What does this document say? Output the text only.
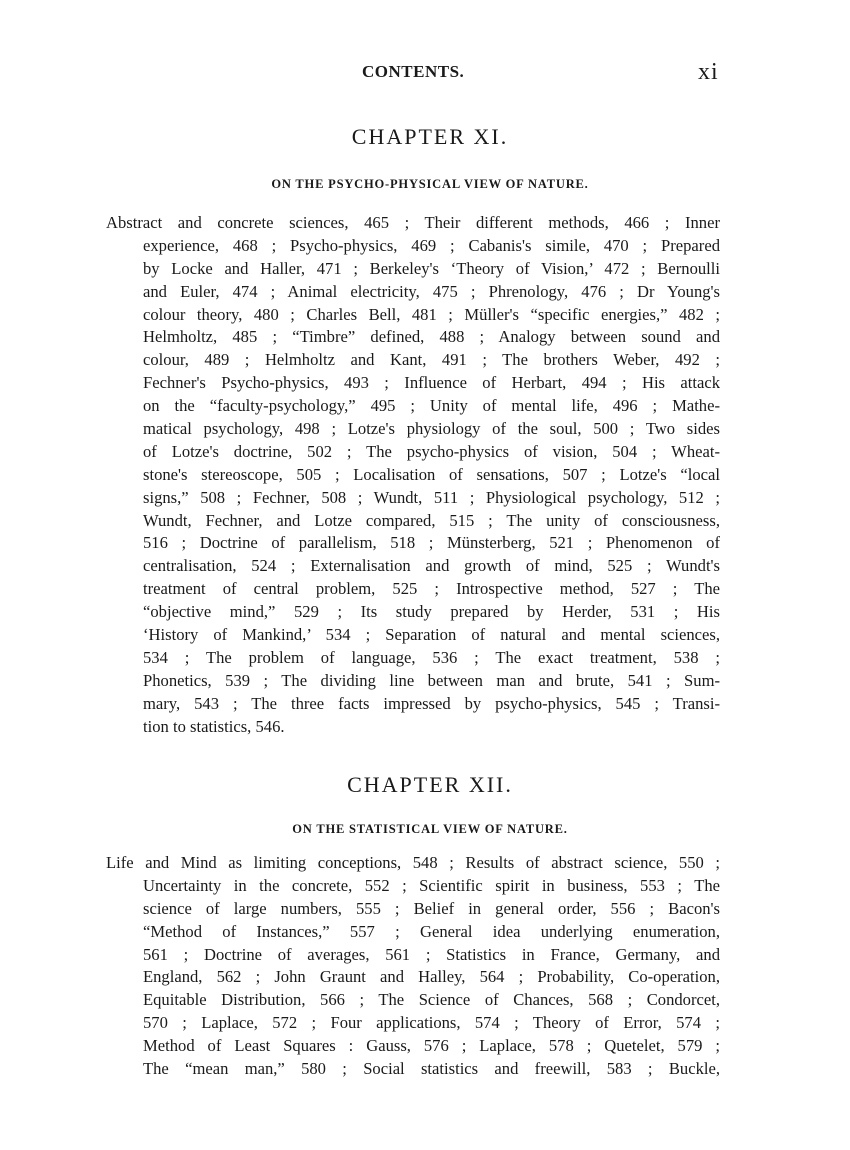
CONTENTS.	xi
CHAPTER XI.
ON THE PSYCHO-PHYSICAL VIEW OF NATURE.
Abstract and concrete sciences, 465 ; Their different methods, 466 ; Inner
experience, 468 ; Psycho-physics, 469 ; Cabanis's simile, 470 ; Prepared
by Locke and Haller, 471 ; Berkeley's ‘Theory of Vision,’ 472 ; Bernoulli
and Euler, 474 ; Animal electricity, 475 ; Phrenology, 476 ; Dr Young's
colour theory, 480 ; Charles Bell, 481 ; Müller's “specific energies,” 482 ;
Helmholtz, 485 ; “Timbre” defined, 488 ; Analogy between sound and
colour, 489 ; Helmholtz and Kant, 491 ; The brothers Weber, 492 ;
Fechner's Psycho-physics, 493 ; Influence of Herbart, 494 ; His attack
on the “faculty-psychology,” 495 ; Unity of mental life, 496 ; Mathe-
matical psychology, 498 ; Lotze's physiology of the soul, 500 ; Two sides
of Lotze's doctrine, 502 ; The psycho-physics of vision, 504 ; Wheat-
stone's stereoscope, 505 ; Localisation of sensations, 507 ; Lotze's “local
signs,” 508 ; Fechner, 508 ; Wundt, 511 ; Physiological psychology, 512 ;
Wundt, Fechner, and Lotze compared, 515 ; The unity of consciousness,
516 ; Doctrine of parallelism, 518 ; Münsterberg, 521 ; Phenomenon of
centralisation, 524 ; Externalisation and growth of mind, 525 ; Wundt's
treatment of central problem, 525 ; Introspective method, 527 ; The
“objective mind,” 529 ; Its study prepared by Herder, 531 ; His
‘History of Mankind,’ 534 ; Separation of natural and mental sciences,
534 ; The problem of language, 536 ; The exact treatment, 538 ;
Phonetics, 539 ; The dividing line between man and brute, 541 ; Sum-
mary, 543 ; The three facts impressed by psycho-physics, 545 ; Transi-
tion to statistics, 546.
CHAPTER XII.
ON THE STATISTICAL VIEW OF NATURE.
Life and Mind as limiting conceptions, 548 ; Results of abstract science, 550 ;
Uncertainty in the concrete, 552 ; Scientific spirit in business, 553 ; The
science of large numbers, 555 ; Belief in general order, 556 ; Bacon's
“Method of Instances,” 557 ; General idea underlying enumeration,
561 ; Doctrine of averages, 561 ; Statistics in France, Germany, and
England, 562 ; John Graunt and Halley, 564 ; Probability, Co-operation,
Equitable Distribution, 566 ; The Science of Chances, 568 ; Condorcet,
570 ; Laplace, 572 ; Four applications, 574 ; Theory of Error, 574 ;
Method of Least Squares : Gauss, 576 ; Laplace, 578 ; Quetelet, 579 ;
The “mean man,” 580 ; Social statistics and freewill, 583 ; Buckle,
